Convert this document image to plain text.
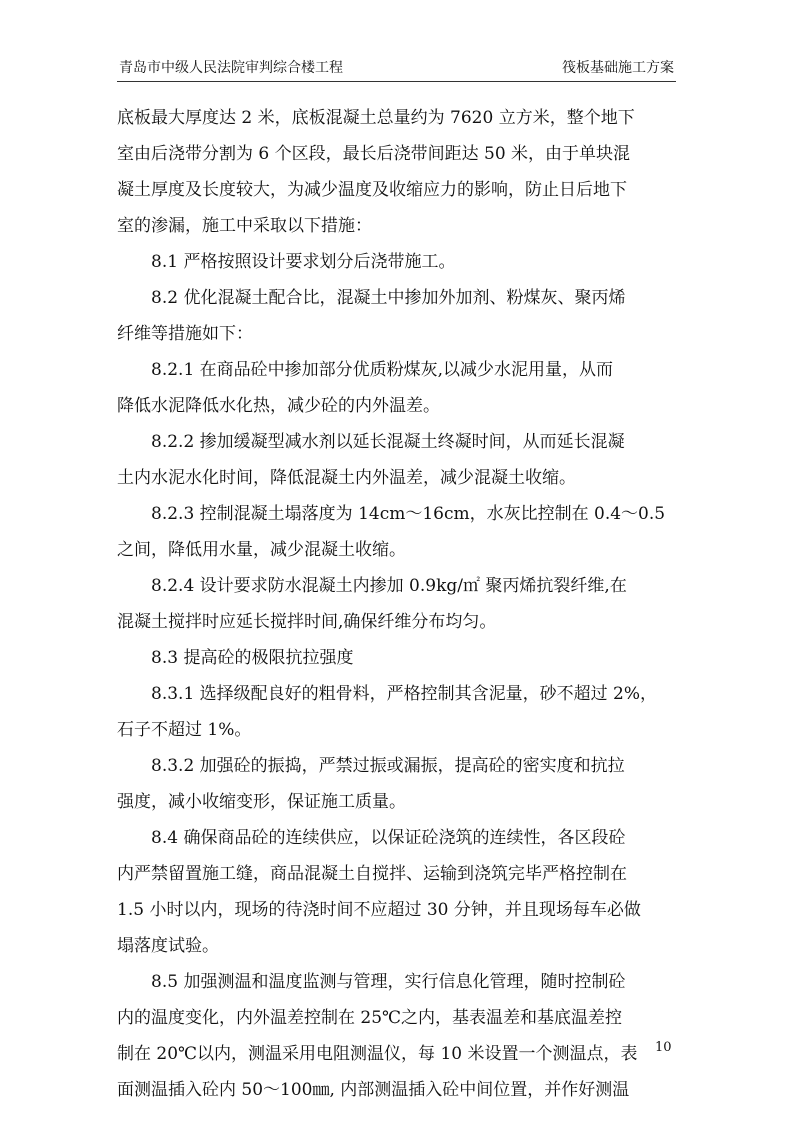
青岛市中级人民法院审判综合楼工程	筏板基础施工方案

底板最大厚度达 2 米，底板混凝土总量约为 7620 立方米，整个地下

室由后浇带分割为 6 个区段，最长后浇带间距达 50 米，由于单块混

凝土厚度及长度较大，为减少温度及收缩应力的影响，防止日后地下

室的渗漏，施工中采取以下措施：

8.1 严格按照设计要求划分后浇带施工。

8.2 优化混凝土配合比，混凝土中掺加外加剂、粉煤灰、聚丙烯

纤维等措施如下：

8.2.1 在商品砼中掺加部分优质粉煤灰,以减少水泥用量，从而

降低水泥降低水化热，减少砼的内外温差。

8.2.2 掺加缓凝型减水剂以延长混凝土终凝时间，从而延长混凝

土内水泥水化时间，降低混凝土内外温差，减少混凝土收缩。

8.2.3 控制混凝土塌落度为 14cm～16cm，水灰比控制在 0.4～0.5

之间，降低用水量，减少混凝土收缩。

8.2.4 设计要求防水混凝土内掺加 0.9kg/㎡ 聚丙烯抗裂纤维,在

混凝土搅拌时应延长搅拌时间,确保纤维分布均匀。

8.3 提高砼的极限抗拉强度

8.3.1 选择级配良好的粗骨料，严格控制其含泥量，砂不超过 2%，

石子不超过 1%。

8.3.2 加强砼的振捣，严禁过振或漏振，提高砼的密实度和抗拉

强度，减小收缩变形，保证施工质量。

8.4 确保商品砼的连续供应，以保证砼浇筑的连续性，各区段砼

内严禁留置施工缝，商品混凝土自搅拌、运输到浇筑完毕严格控制在

1.5 小时以内，现场的待浇时间不应超过 30 分钟，并且现场每车必做

塌落度试验。

8.5 加强测温和温度监测与管理，实行信息化管理，随时控制砼

内的温度变化，内外温差控制在 25℃之内，基表温差和基底温差控

制在 20℃以内，测温采用电阻测温仪，每 10 米设置一个测温点，表

面测温插入砼内 50～100㎜, 内部测温插入砼中间位置，并作好测温

10
